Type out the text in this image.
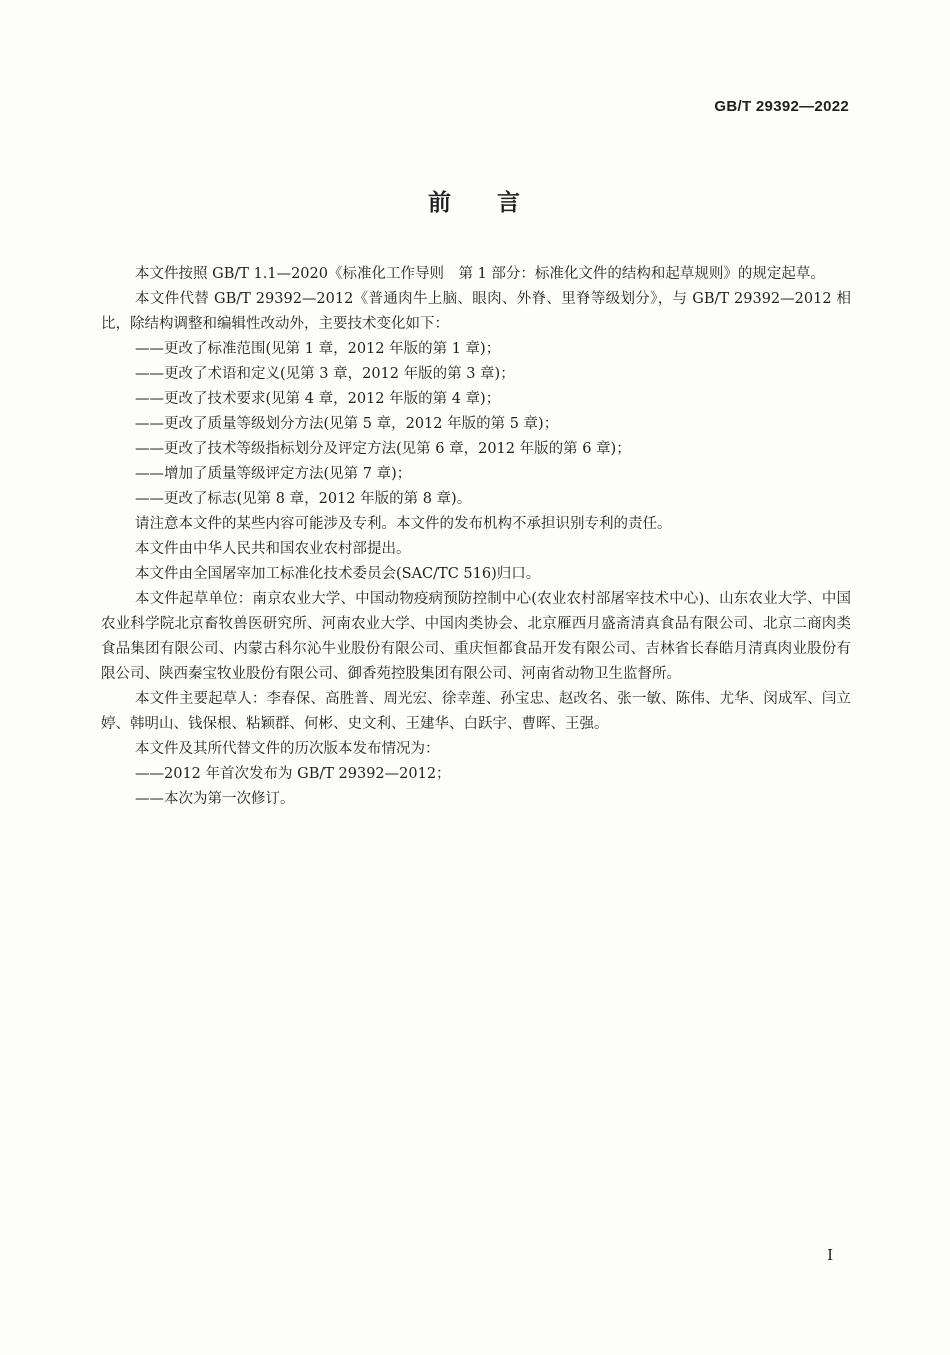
GB/T 29392—2022
前 言

本文件按照 GB/T 1.1—2020《标准化工作导则　第 1 部分：标准化文件的结构和起草规则》的规定起草。

本文件代替 GB/T 29392—2012《普通肉牛上脑、眼肉、外脊、里脊等级划分》，与 GB/T 29392—2012 相比，除结构调整和编辑性改动外，主要技术变化如下：

——更改了标准范围(见第 1 章，2012 年版的第 1 章)；

——更改了术语和定义(见第 3 章，2012 年版的第 3 章)；

——更改了技术要求(见第 4 章，2012 年版的第 4 章)；

——更改了质量等级划分方法(见第 5 章，2012 年版的第 5 章)；

——更改了技术等级指标划分及评定方法(见第 6 章，2012 年版的第 6 章)；

——增加了质量等级评定方法(见第 7 章)；

——更改了标志(见第 8 章，2012 年版的第 8 章)。

请注意本文件的某些内容可能涉及专利。本文件的发布机构不承担识别专利的责任。

本文件由中华人民共和国农业农村部提出。

本文件由全国屠宰加工标准化技术委员会(SAC/TC 516)归口。

本文件起草单位：南京农业大学、中国动物疫病预防控制中心(农业农村部屠宰技术中心)、山东农业大学、中国农业科学院北京畜牧兽医研究所、河南农业大学、中国肉类协会、北京雁西月盛斋清真食品有限公司、北京二商肉类食品集团有限公司、内蒙古科尔沁牛业股份有限公司、重庆恒都食品开发有限公司、吉林省长春皓月清真肉业股份有限公司、陕西秦宝牧业股份有限公司、御香苑控股集团有限公司、河南省动物卫生监督所。

本文件主要起草人：李春保、高胜普、周光宏、徐幸莲、孙宝忠、赵改名、张一敏、陈伟、尤华、闵成军、闫立婷、韩明山、钱保根、粘颖群、何彬、史文利、王建华、白跃宇、曹晖、王强。

本文件及其所代替文件的历次版本发布情况为：

——2012 年首次发布为 GB/T 29392—2012；

——本次为第一次修订。

I
